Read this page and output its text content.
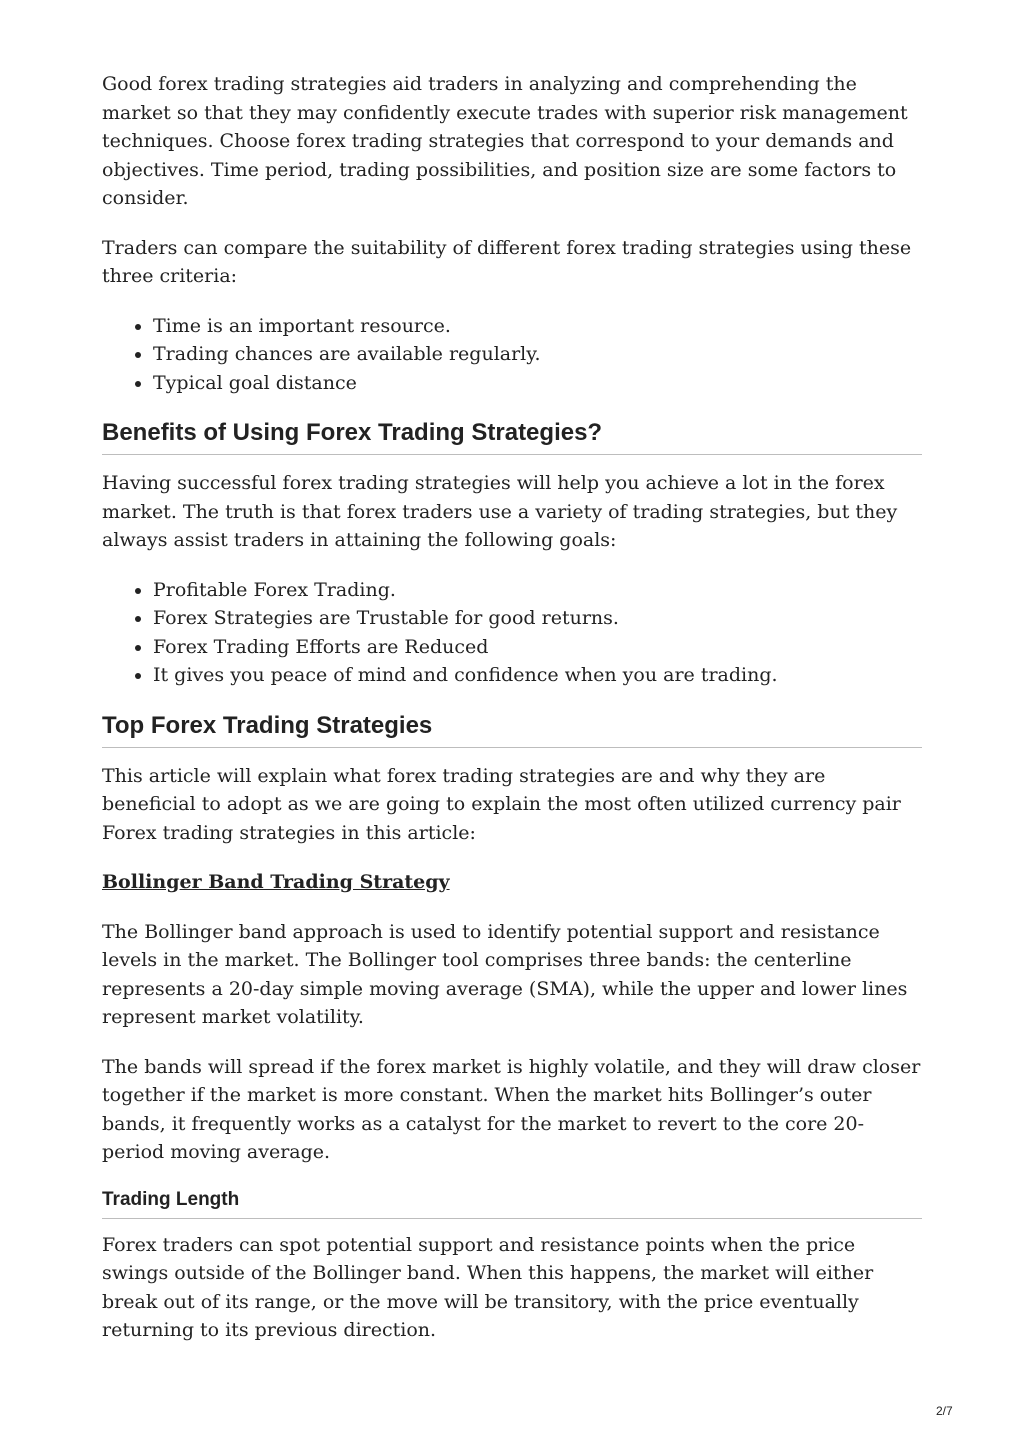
Good forex trading strategies aid traders in analyzing and comprehending the market so that they may confidently execute trades with superior risk management techniques. Choose forex trading strategies that correspond to your demands and objectives. Time period, trading possibilities, and position size are some factors to consider.

Traders can compare the suitability of different forex trading strategies using these three criteria:

• Time is an important resource.
• Trading chances are available regularly.
• Typical goal distance
Benefits of Using Forex Trading Strategies?

Having successful forex trading strategies will help you achieve a lot in the forex market. The truth is that forex traders use a variety of trading strategies, but they always assist traders in attaining the following goals:

• Profitable Forex Trading.
• Forex Strategies are Trustable for good returns.
• Forex Trading Efforts are Reduced
• It gives you peace of mind and confidence when you are trading.
Top Forex Trading Strategies

This article will explain what forex trading strategies are and why they are beneficial to adopt as we are going to explain the most often utilized currency pair Forex trading strategies in this article:

Bollinger Band Trading Strategy

The Bollinger band approach is used to identify potential support and resistance levels in the market. The Bollinger tool comprises three bands: the centerline represents a 20-day simple moving average (SMA), while the upper and lower lines represent market volatility.

The bands will spread if the forex market is highly volatile, and they will draw closer together if the market is more constant. When the market hits Bollinger’s outer bands, it frequently works as a catalyst for the market to revert to the core 20-period moving average.

Trading Length

Forex traders can spot potential support and resistance points when the price swings outside of the Bollinger band. When this happens, the market will either break out of its range, or the move will be transitory, with the price eventually returning to its previous direction.

2/7
